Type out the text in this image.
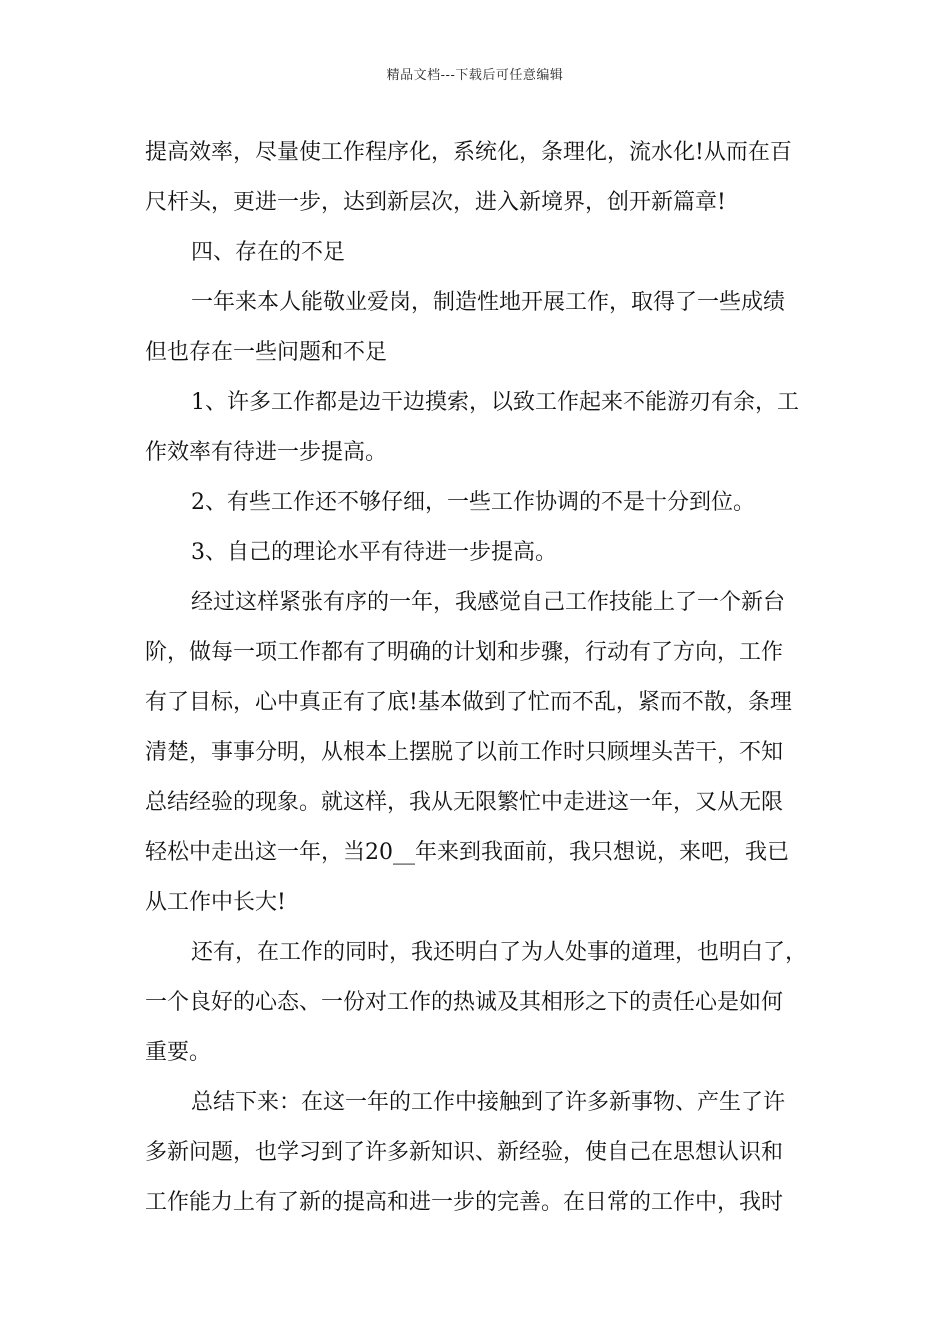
精品文档---下载后可任意编辑
提高效率，尽量使工作程序化，系统化，条理化，流水化!从而在百
尺杆头，更进一步，达到新层次，进入新境界，创开新篇章!
四、存在的不足
一年来本人能敬业爱岗，制造性地开展工作，取得了一些成绩
但也存在一些问题和不足
1、许多工作都是边干边摸索，以致工作起来不能游刃有余，工
作效率有待进一步提高。
2、有些工作还不够仔细，一些工作协调的不是十分到位。
3、自己的理论水平有待进一步提高。
经过这样紧张有序的一年，我感觉自己工作技能上了一个新台
阶，做每一项工作都有了明确的计划和步骤，行动有了方向，工作
有了目标，心中真正有了底!基本做到了忙而不乱，紧而不散，条理
清楚，事事分明，从根本上摆脱了以前工作时只顾埋头苦干，不知
总结经验的现象。就这样，我从无限繁忙中走进这一年，又从无限
轻松中走出这一年，当20__年来到我面前，我只想说，来吧，我已
从工作中长大!
还有，在工作的同时，我还明白了为人处事的道理，也明白了，
一个良好的心态、一份对工作的热诚及其相形之下的责任心是如何
重要。
总结下来：在这一年的工作中接触到了许多新事物、产生了许
多新问题，也学习到了许多新知识、新经验，使自己在思想认识和
工作能力上有了新的提高和进一步的完善。在日常的工作中，我时
